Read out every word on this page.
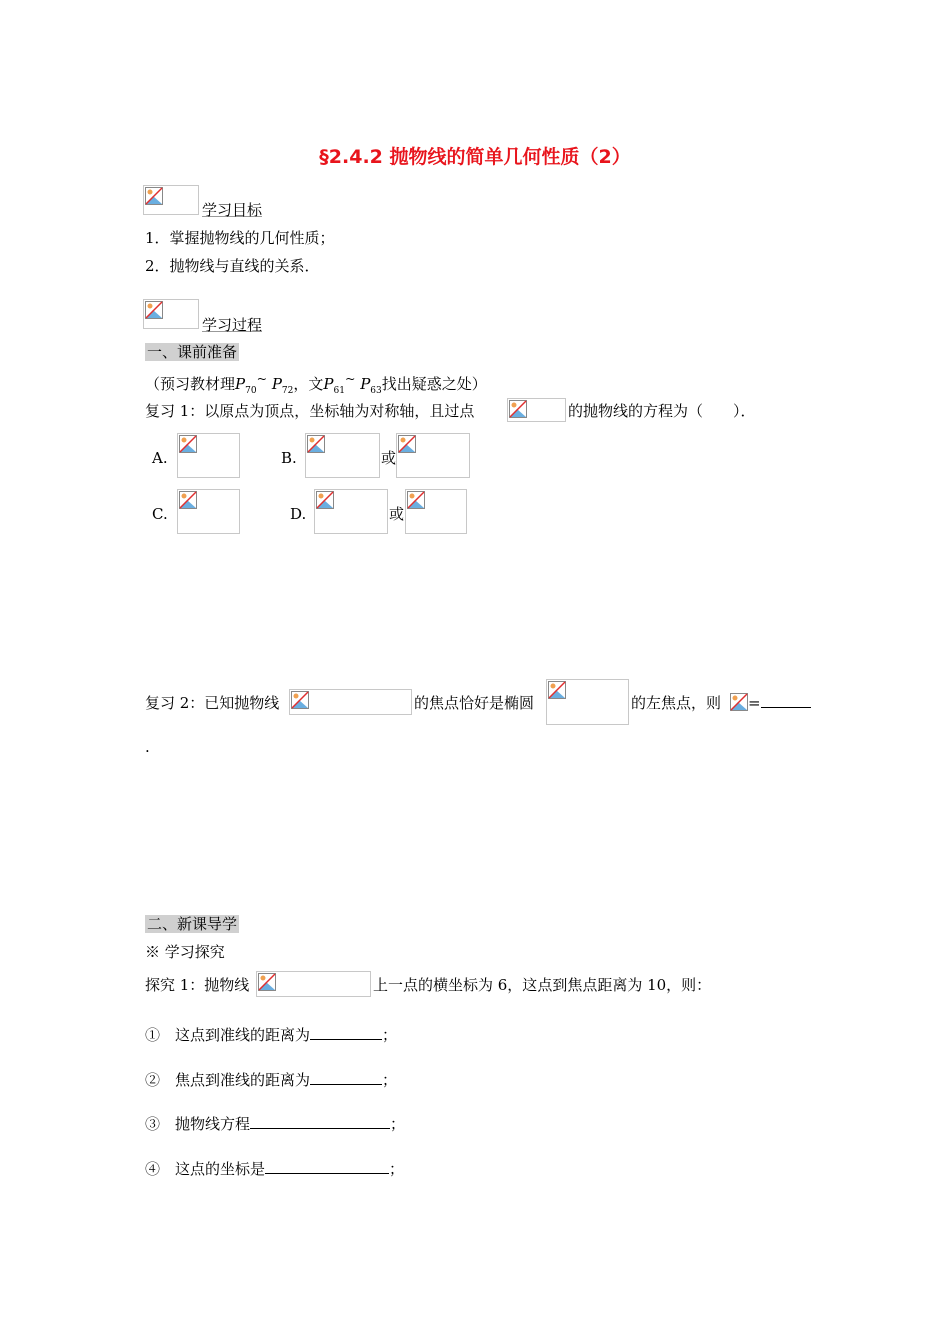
§2.4.2 抛物线的简单几何性质（2）
学习目标
1．掌握抛物线的几何性质；
2．抛物线与直线的关系．
学习过程
一、课前准备
（预习教材理$P_{70}^\sim$ $P_{72}$，文$P_{61}^\sim$ $P_{63}$找出疑惑之处）
复习 1：以原点为顶点，坐标轴为对称轴，且过点	的抛物线的方程为（　　）．
A.	B.	或
C.	D.	或
复习 2：已知抛物线	的焦点恰好是椭圆	的左焦点，则 =
.
二、新课导学
※ 学习探究
探究 1：抛物线	上一点的横坐标为 6，这点到焦点距离为 10，则：
①　这点到准线的距离为	；
②　焦点到准线的距离为	；
③　抛物线方程	；
④　这点的坐标是	；
